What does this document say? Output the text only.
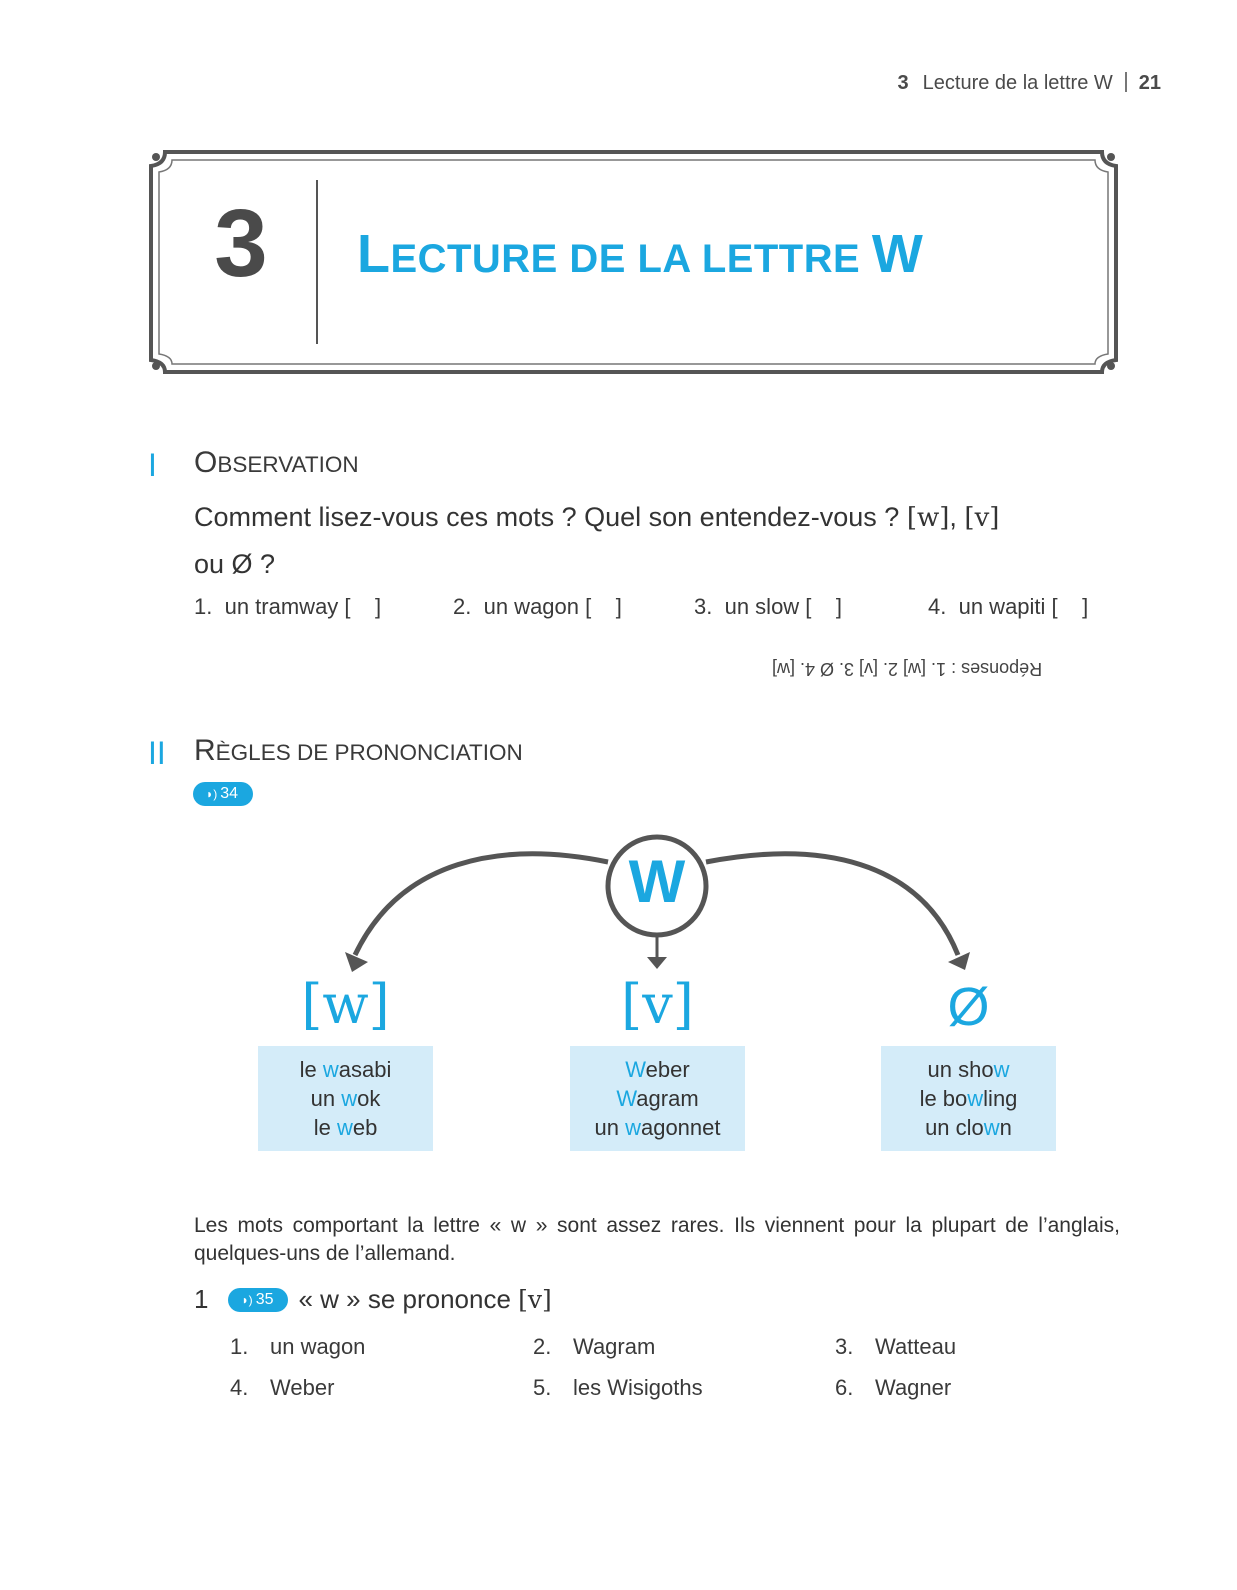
3 Lecture de la lettre W 21
3	LECTURE DE LA LETTRE W
I OBSERVATION
Comment lisez-vous ces mots ? Quel son entendez-vous ? [w], [v]
ou Ø ?
1. un tramway [ ]	2. un wagon [ ]	3. un slow [ ]	4. un wapiti [ ]
Réponses : 1. [w] 2. [v] 3. Ø 4. [w]
II RÈGLES DE PRONONCIATION
◗) 34
W
[w]	[v]	Ø
le wasabi
un wok
le web
Weber
Wagram
un wagonnet
un show
le bowling
un clown
Les mots comportant la lettre « w » sont assez rares. Ils viennent pour la plupart de l’anglais, quelques-uns de l’allemand.
1	◗) 35 « w » se prononce
[v]
1. un wagon	2. Wagram	3. Watteau
4. Weber	5. les Wisigoths	6. Wagner
